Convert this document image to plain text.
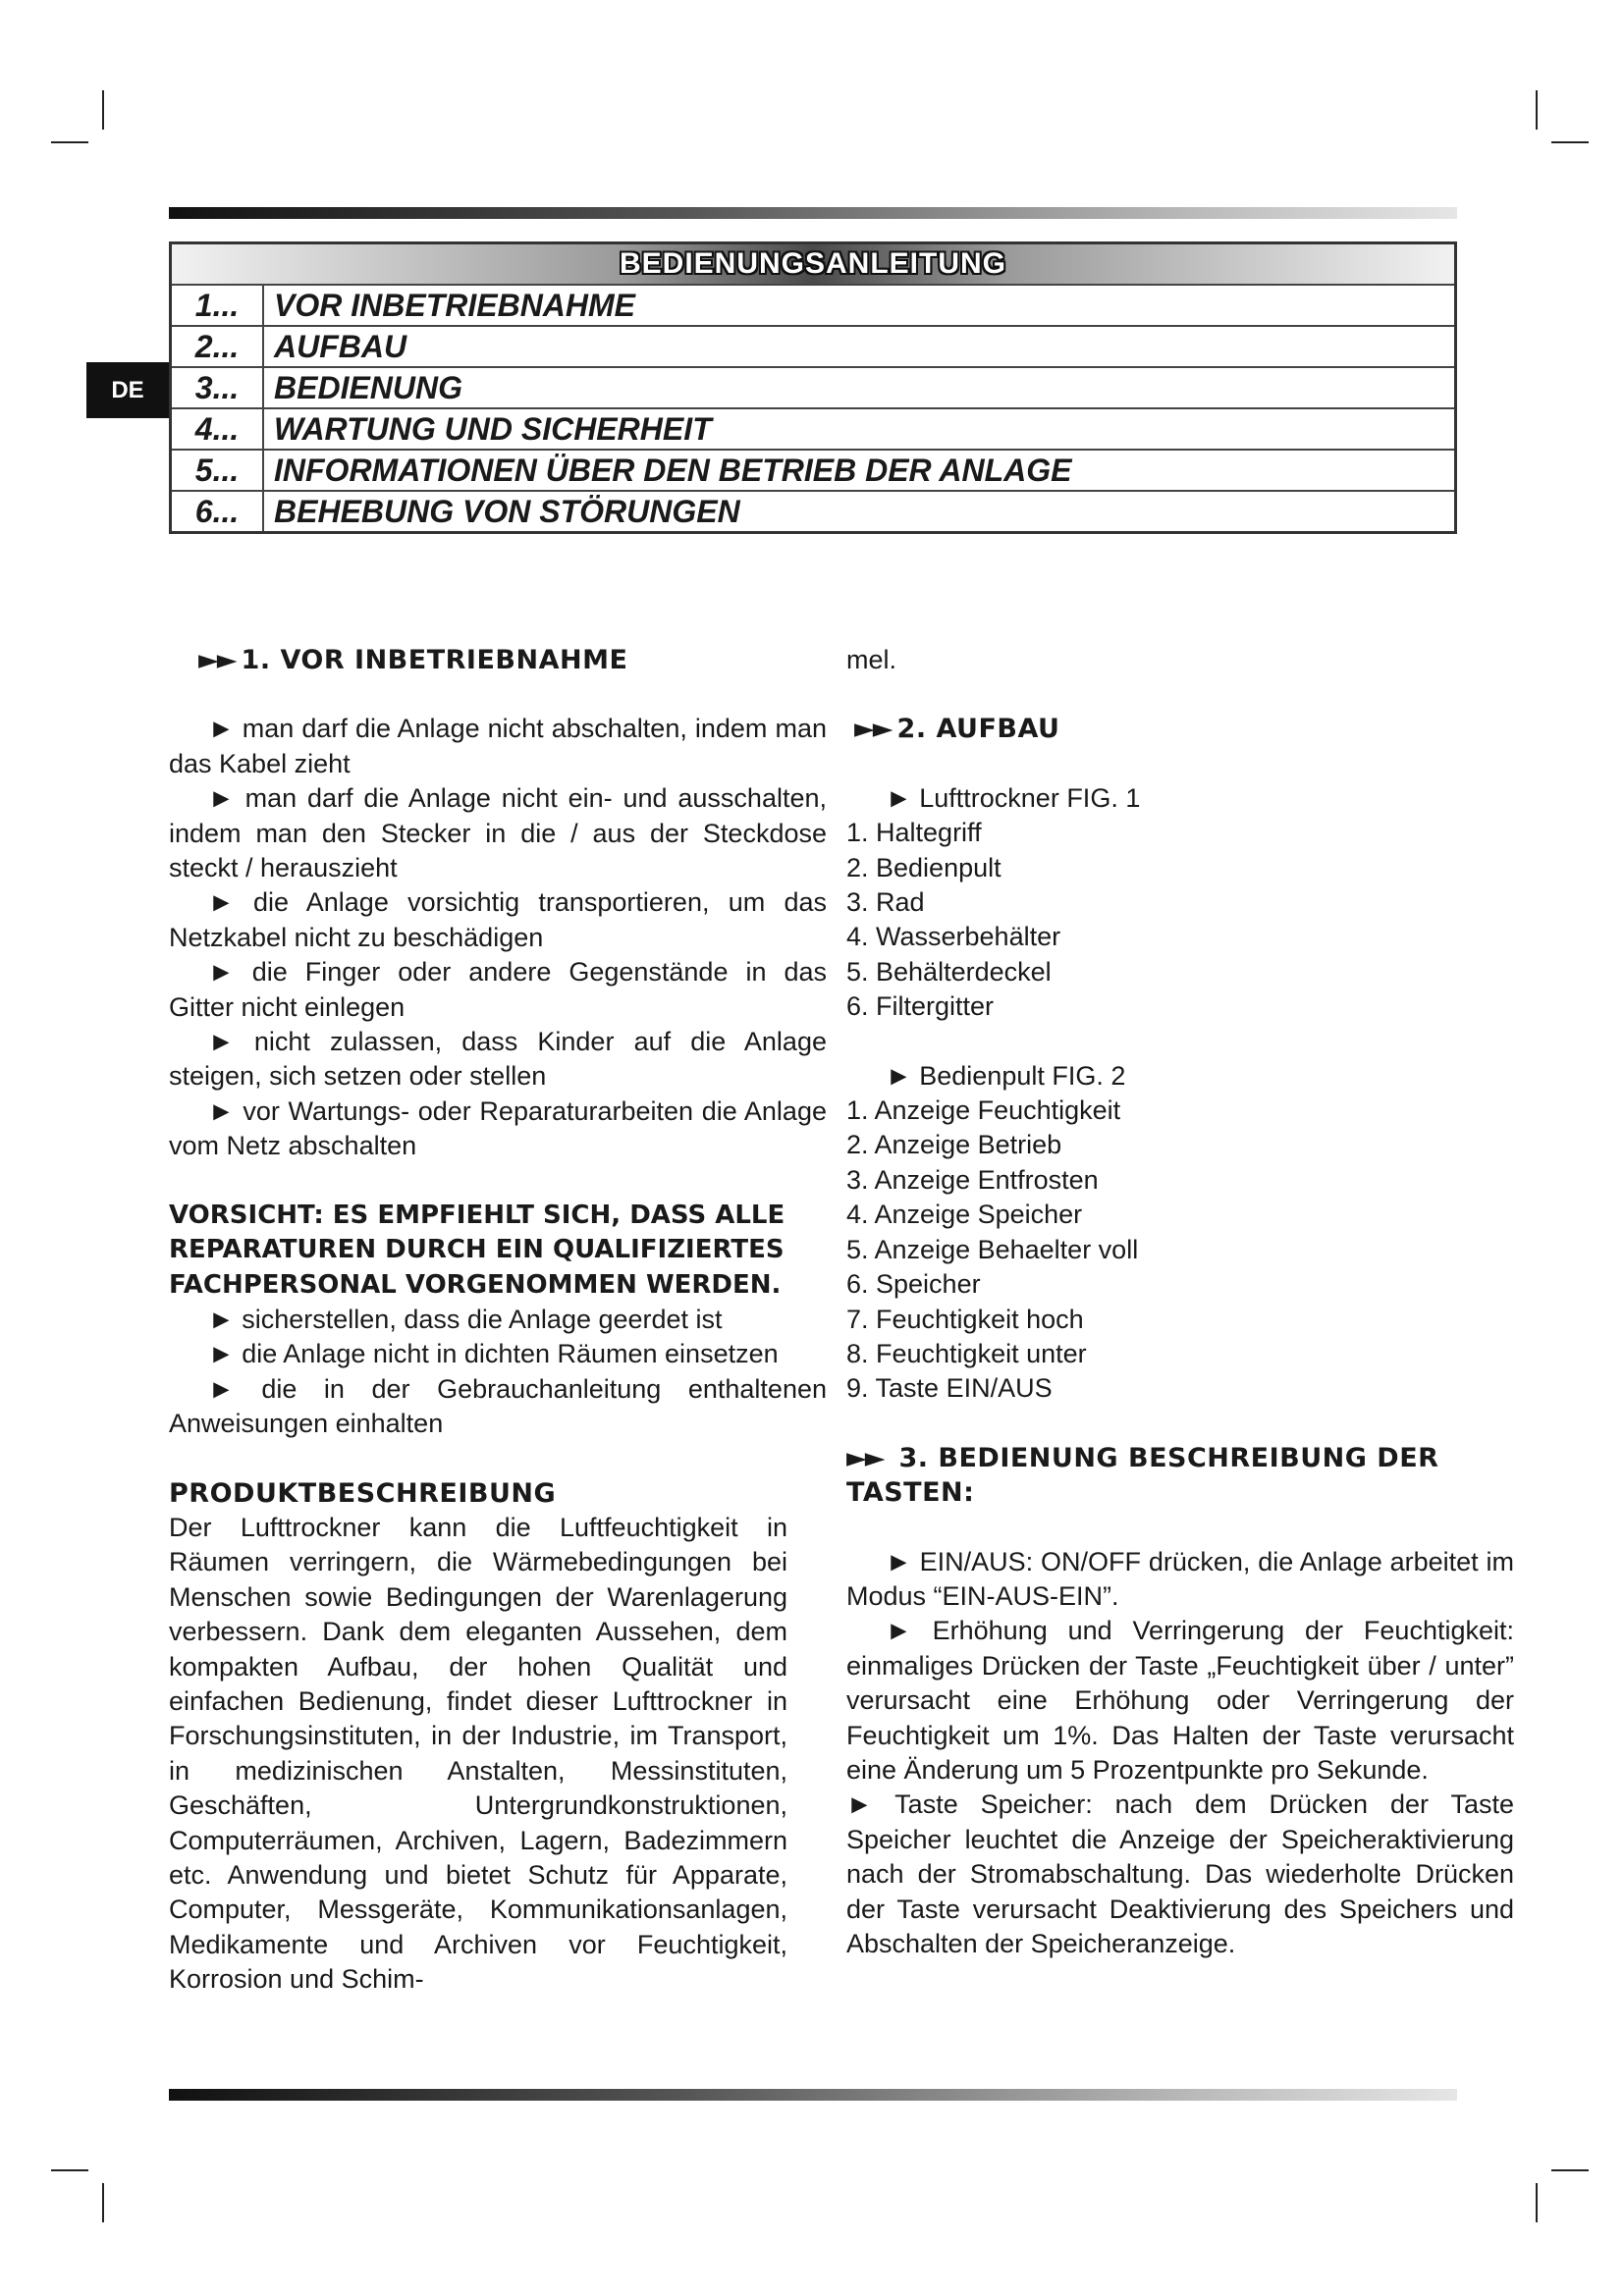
DE
BEDIENUNGSANLEITUNG	
1...	VOR INBETRIEBNAHME
2...	AUFBAU
3...	BEDIENUNG
4...	WARTUNG UND SICHERHEIT
5...	INFORMATIONEN ÜBER DEN BETRIEB DER ANLAGE
6...	BEHEBUNG VON STÖRUNGEN
►► 1. VOR INBETRIEBNAHME

► man darf die Anlage nicht abschalten, indem man das Kabel zieht

► man darf die Anlage nicht ein- und ausschalten, indem man den Stecker in die / aus der Steckdose steckt / herauszieht

► die Anlage vorsichtig transportieren, um das Netzkabel nicht zu beschädigen

► die Finger oder andere Gegenstände in das Gitter nicht einlegen

► nicht zulassen, dass Kinder auf die Anlage steigen, sich setzen oder stellen

► vor Wartungs- oder Reparaturarbeiten die Anlage vom Netz abschalten

VORSICHT: ES EMPFIEHLT SICH, DASS ALLE REPARATUREN DURCH EIN QUALIFIZIERTES FACHPERSONAL VORGENOMMEN WERDEN.

► sicherstellen, dass die Anlage geerdet ist

► die Anlage nicht in dichten Räumen einsetzen

► die in der Gebrauchanleitung enthaltenen Anweisungen einhalten

PRODUKTBESCHREIBUNG

Der Lufttrockner kann die Luftfeuchtigkeit in Räumen verringern, die Wärmebedingungen bei Menschen sowie Bedingungen der Warenlagerung verbessern. Dank dem eleganten Aussehen, dem kompakten Aufbau, der hohen Qualität und einfachen Bedienung, findet dieser Lufttrockner in Forschungsinstituten, in der Industrie, im Transport, in medizinischen Anstalten, Messinstituten, Geschäften, Untergrundkonstruktionen, Computerräumen, Archiven, Lagern, Badezimmern etc. Anwendung und bietet Schutz für Apparate, Computer, Messgeräte, Kommunikationsanlagen, Medikamente und Archiven vor Feuchtigkeit, Korrosion und Schim-

mel.

►► 2. AUFBAU

► Lufttrockner FIG. 1

1. Haltegriff

2. Bedienpult

3. Rad

4. Wasserbehälter

5. Behälterdeckel

6. Filtergitter

► Bedienpult FIG. 2

1. Anzeige Feuchtigkeit

2. Anzeige Betrieb

3. Anzeige Entfrosten

4. Anzeige Speicher

5. Anzeige Behaelter voll

6. Speicher

7. Feuchtigkeit hoch

8. Feuchtigkeit unter

9. Taste EIN/AUS

►► 3. BEDIENUNG BESCHREIBUNG DER TASTEN:

► EIN/AUS: ON/OFF drücken, die Anlage arbeitet im Modus “EIN-AUS-EIN”.

► Erhöhung und Verringerung der Feuchtigkeit: einmaliges Drücken der Taste „Feuchtigkeit über / unter” verursacht eine Erhöhung oder Verringerung der Feuchtigkeit um 1%. Das Halten der Taste verursacht eine Änderung um 5 Prozentpunkte pro Sekunde.

► Taste Speicher: nach dem Drücken der Taste Speicher leuchtet die Anzeige der Speicheraktivierung nach der Stromabschaltung. Das wiederholte Drücken der Taste verursacht Deaktivierung des Speichers und Abschalten der Speicheranzeige.
